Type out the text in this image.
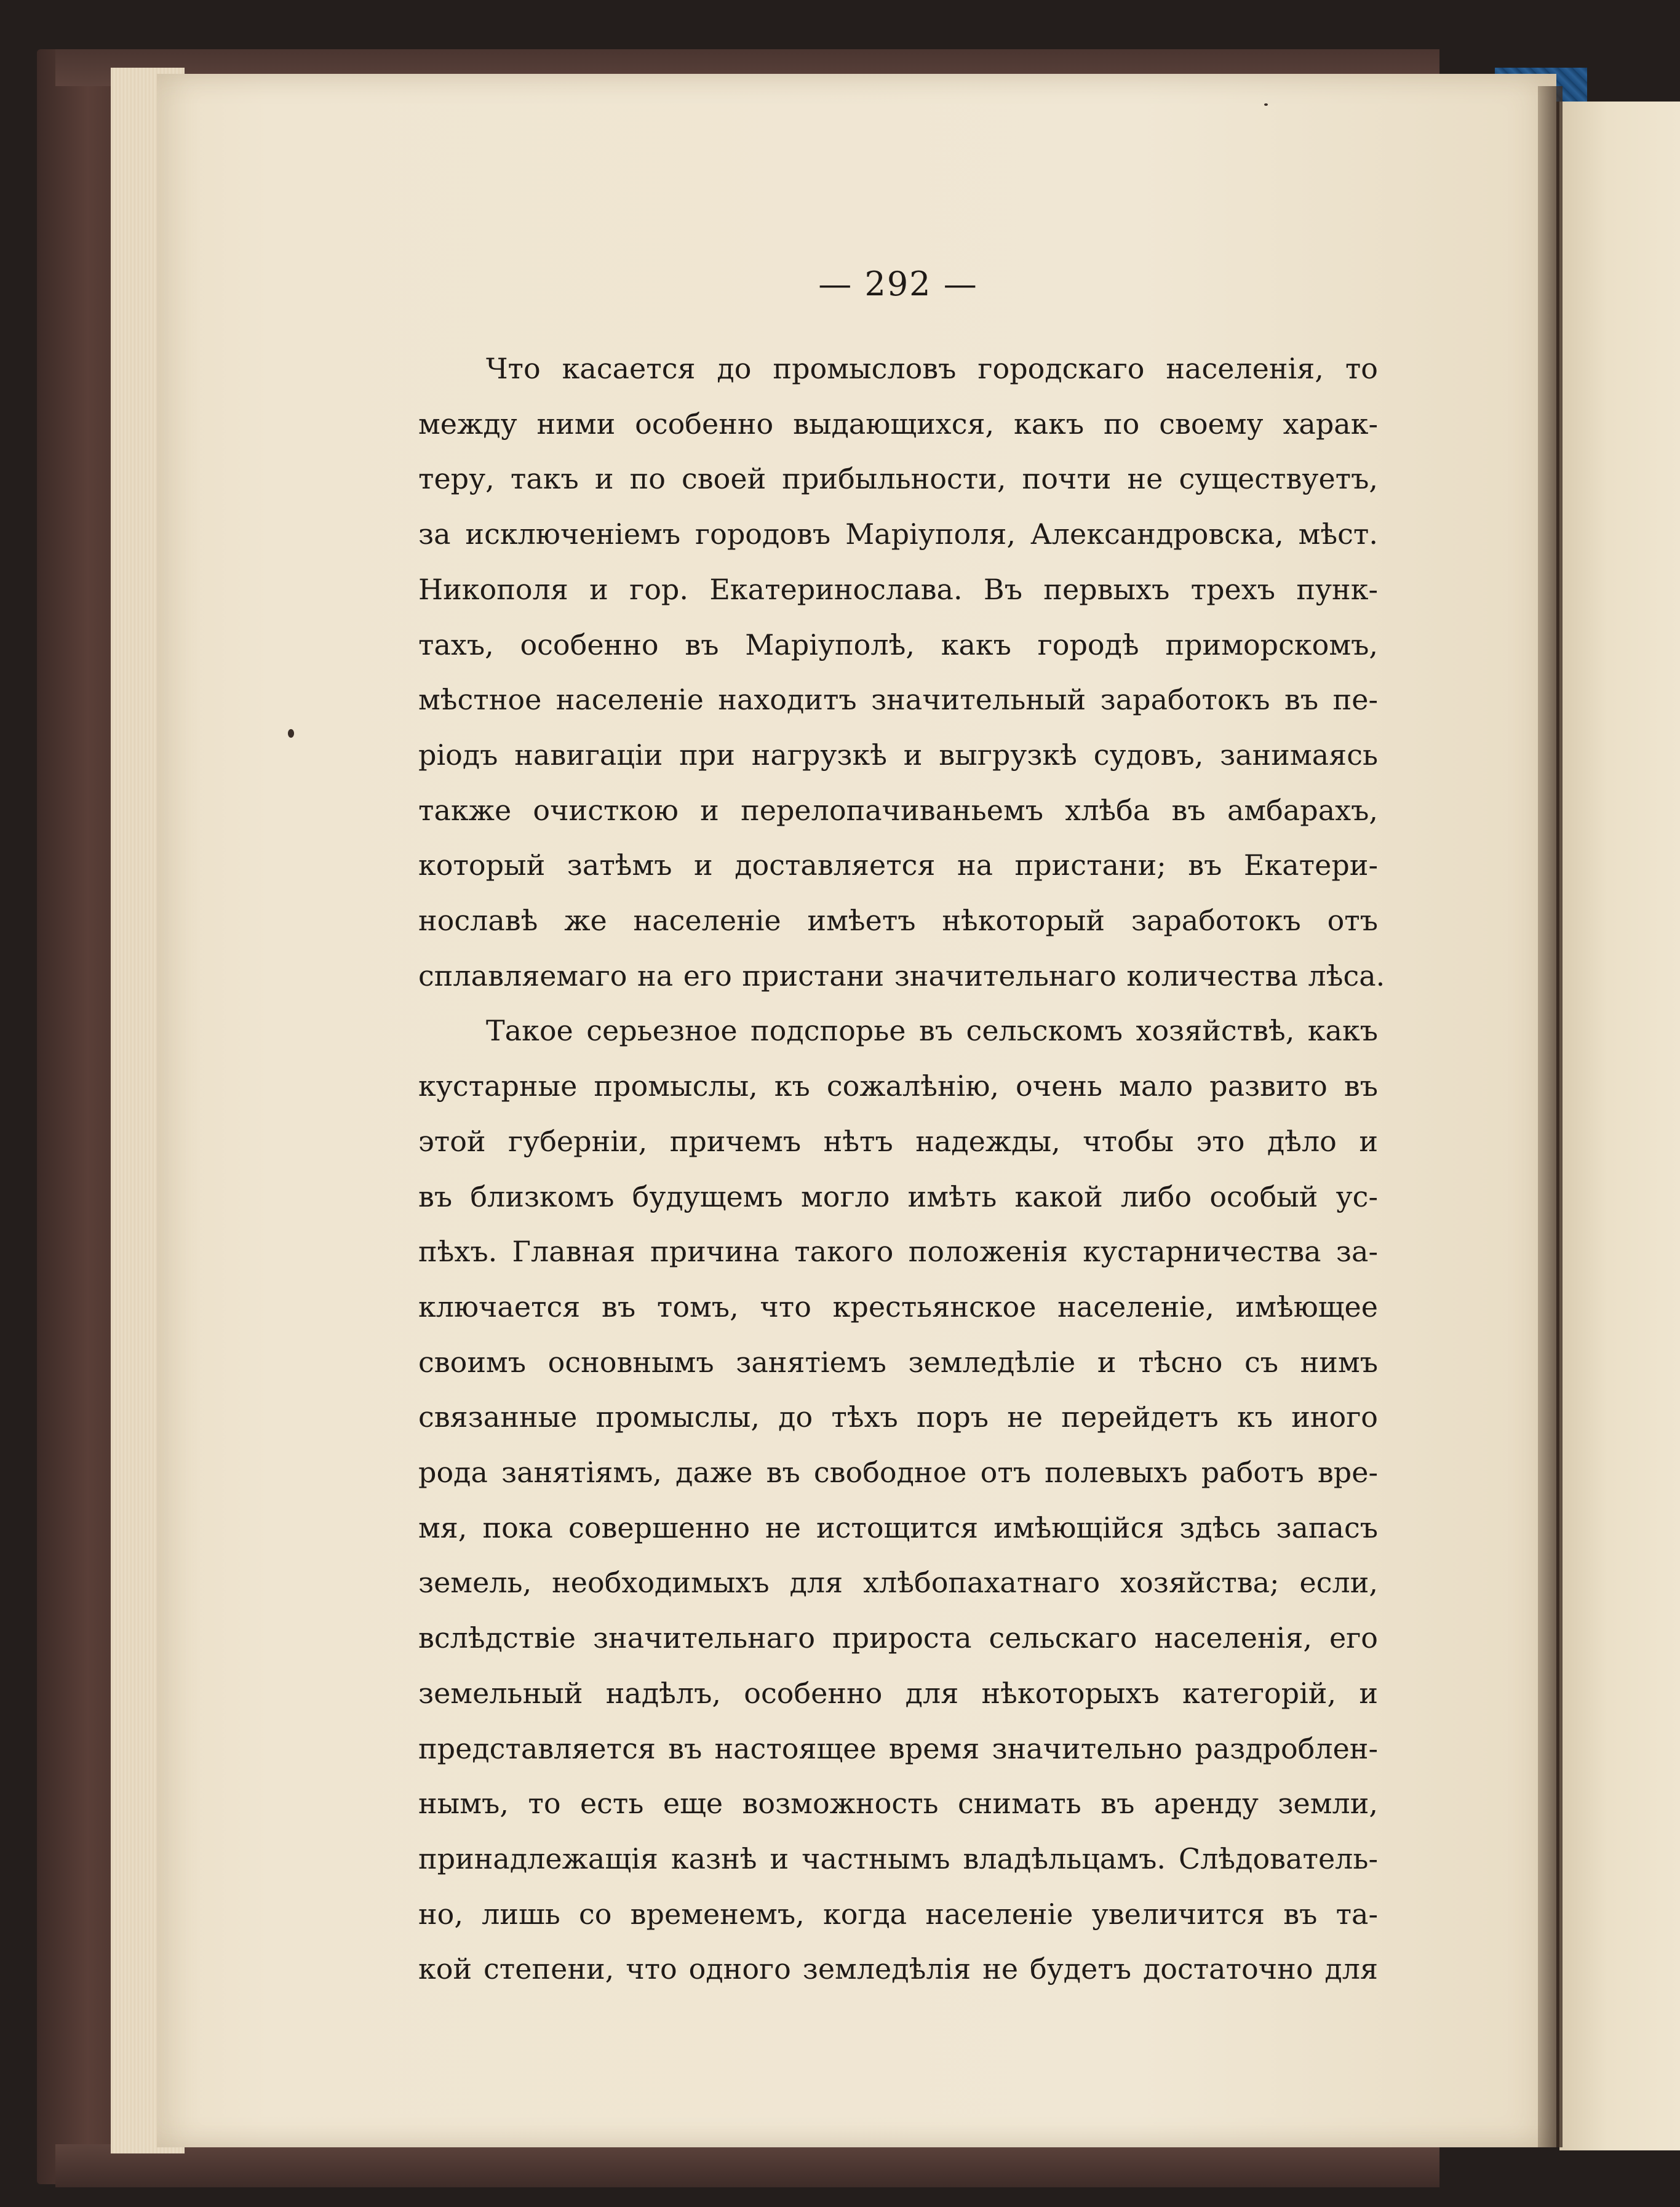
— 292 —
Что касается до промысловъ городскаго населенія, то
между ними особенно выдающихся, какъ по своему харак-
теру, такъ и по своей прибыльности, почти не существуетъ,
за исключеніемъ городовъ Маріуполя, Александровска, мѣст.
Никополя и гор. Екатеринослава. Въ первыхъ трехъ пунк-
тахъ, особенно въ Маріуполѣ, какъ городѣ приморскомъ,
мѣстное населеніе находитъ значительный заработокъ въ пе-
ріодъ навигаціи при нагрузкѣ и выгрузкѣ судовъ, занимаясь
также очисткою и перелопачиваньемъ хлѣба въ амбарахъ,
который затѣмъ и доставляется на пристани; въ Екатери-
нославѣ же населеніе имѣетъ нѣкоторый заработокъ отъ
сплавляемаго на его пристани значительнаго количества лѣса.
Такое серьезное подспорье въ сельскомъ хозяйствѣ, какъ
кустарные промыслы, къ сожалѣнію, очень мало развито въ
этой губерніи, причемъ нѣтъ надежды, чтобы это дѣло и
въ близкомъ будущемъ могло имѣть какой либо особый ус-
пѣхъ. Главная причина такого положенія кустарничества за-
ключается въ томъ, что крестьянское населеніе, имѣющее
своимъ основнымъ занятіемъ земледѣліе и тѣсно съ нимъ
связанные промыслы, до тѣхъ поръ не перейдетъ къ иного
рода занятіямъ, даже въ свободное отъ полевыхъ работъ вре-
мя, пока совершенно не истощится имѣющійся здѣсь запасъ
земель, необходимыхъ для хлѣбопахатнаго хозяйства; если,
вслѣдствіе значительнаго прироста сельскаго населенія, его
земельный надѣлъ, особенно для нѣкоторыхъ категорій, и
представляется въ настоящее время значительно раздроблен-
нымъ, то есть еще возможность снимать въ аренду земли,
принадлежащія казнѣ и частнымъ владѣльцамъ. Слѣдователь-
но, лишь со временемъ, когда населеніе увеличится въ та-
кой степени, что одного земледѣлія не будетъ достаточно для
